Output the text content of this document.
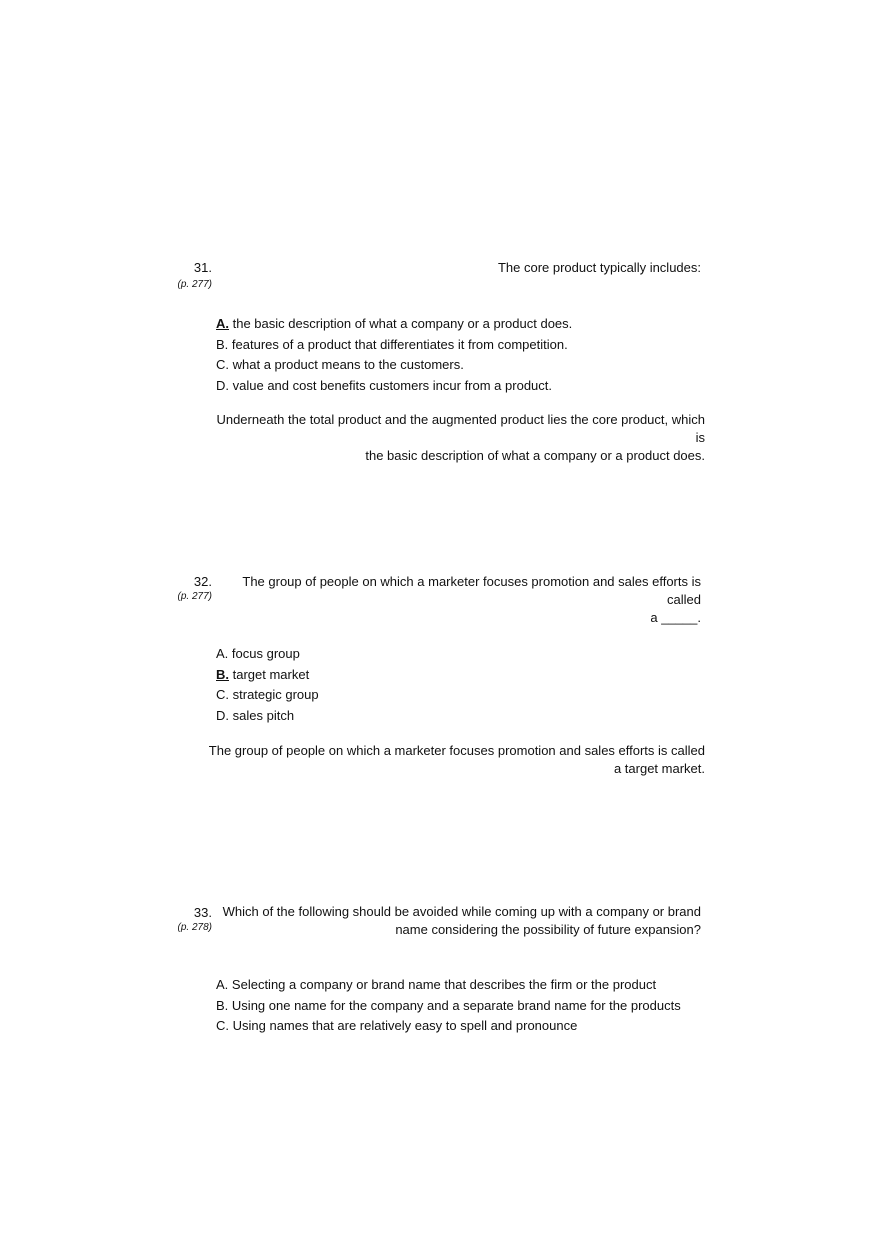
31.
(p. 277)
The core product typically includes:
A. the basic description of what a company or a product does.
B. features of a product that differentiates it from competition.
C. what a product means to the customers.
D. value and cost benefits customers incur from a product.
Underneath the total product and the augmented product lies the core product, which is
the basic description of what a company or a product does.
32.
(p. 277)
The group of people on which a marketer focuses promotion and sales efforts is called
a _____.
A. focus group
B. target market
C. strategic group
D. sales pitch
The group of people on which a marketer focuses promotion and sales efforts is called
a target market.
33.
(p. 278)
Which of the following should be avoided while coming up with a company or brand
name considering the possibility of future expansion?
A. Selecting a company or brand name that describes the firm or the product
B. Using one name for the company and a separate brand name for the products
C. Using names that are relatively easy to spell and pronounce
